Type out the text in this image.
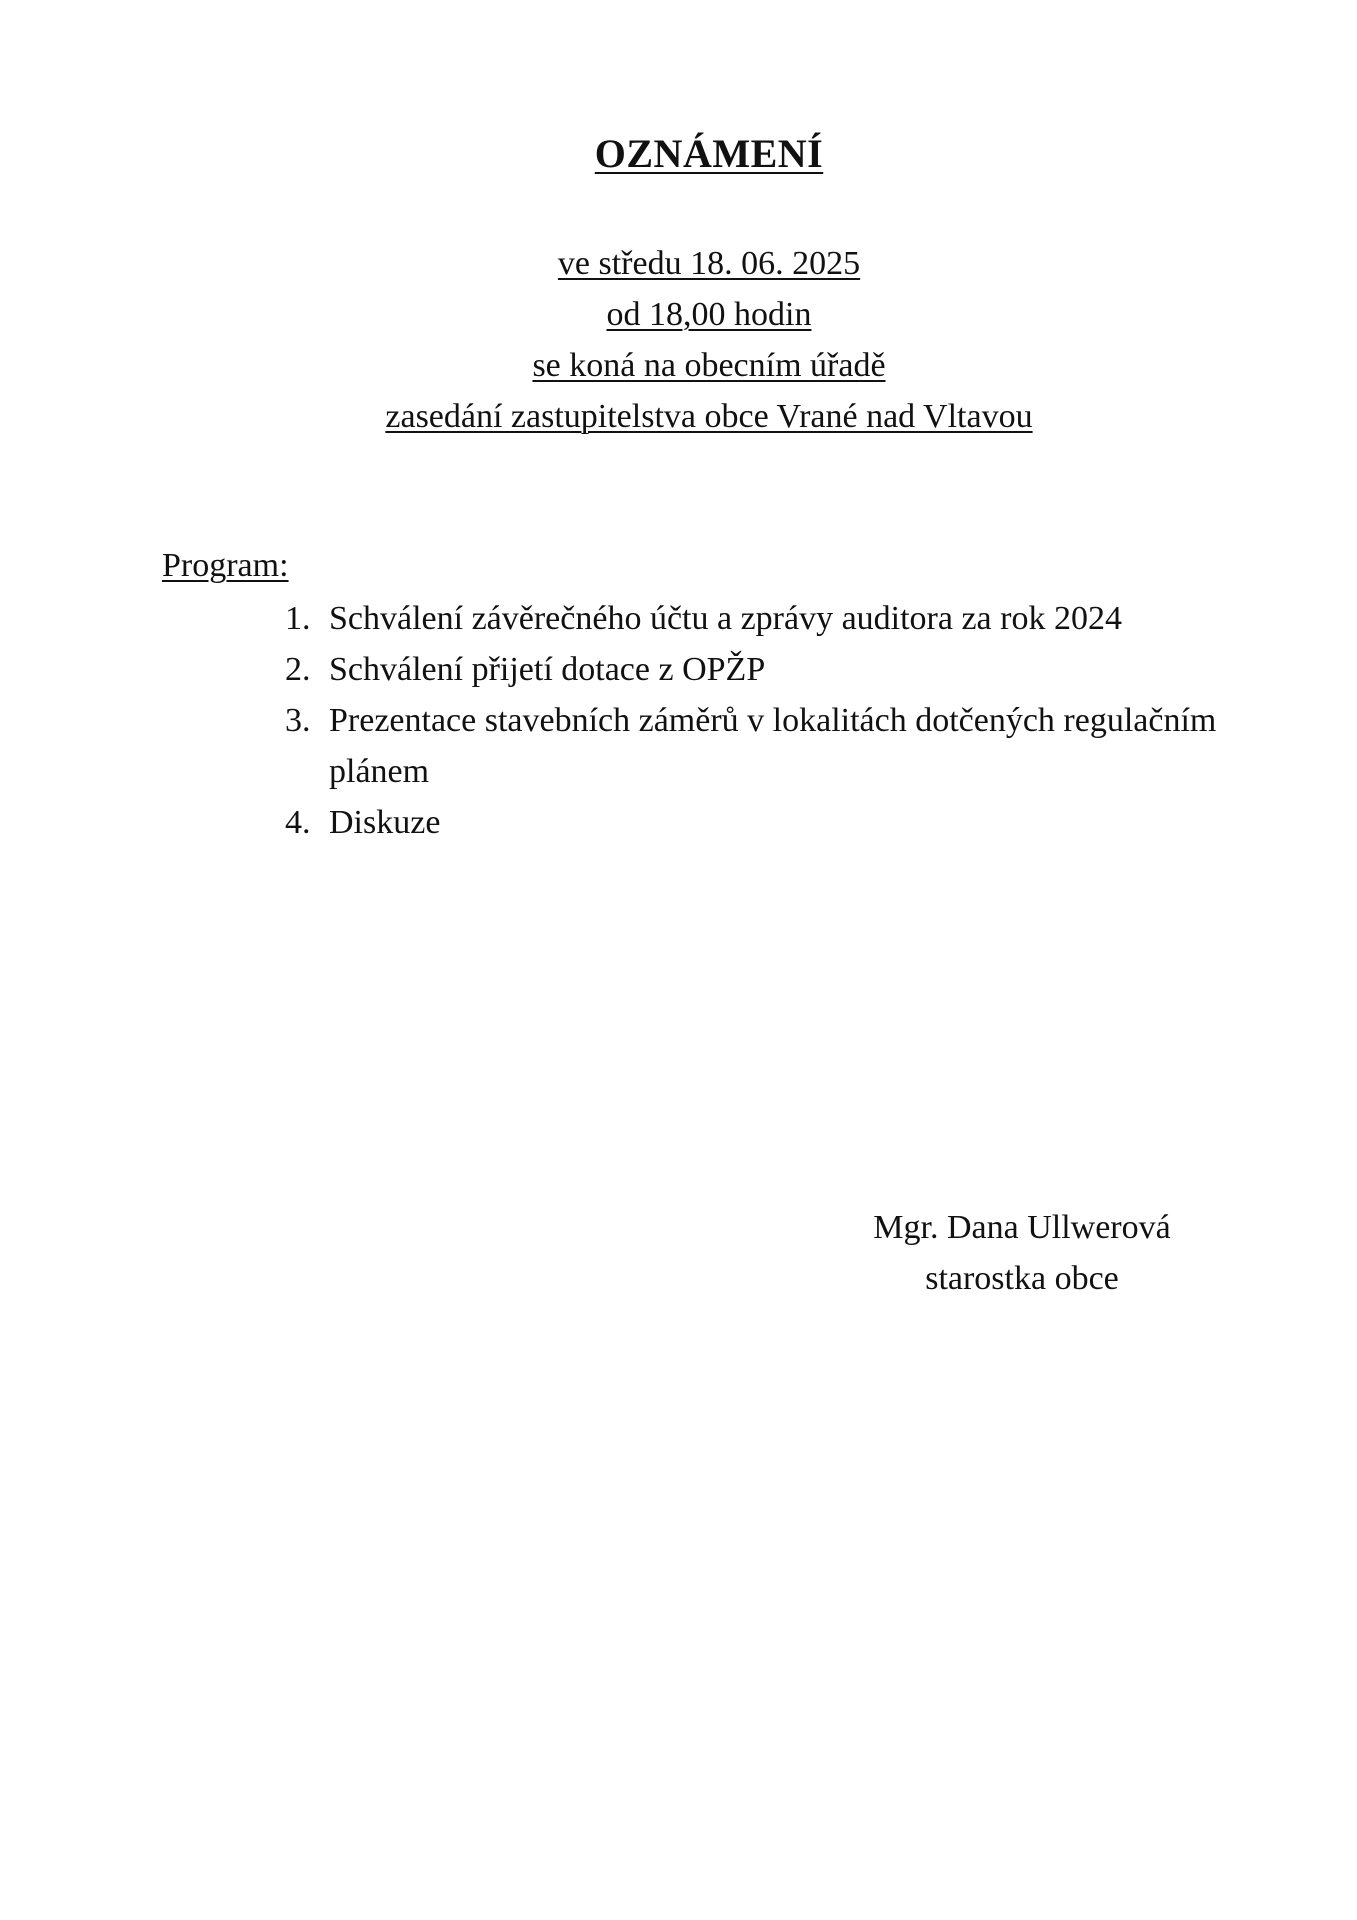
OZNÁMENÍ
ve středu 18. 06. 2025
od 18,00 hodin
se koná na obecním úřadě
zasedání zastupitelstva obce Vrané nad Vltavou
Program:
1. Schválení závěrečného účtu a zprávy auditora za rok 2024
2. Schválení přijetí dotace z OPŽP
3. Prezentace stavebních záměrů v lokalitách dotčených regulačním plánem
4. Diskuze
Mgr. Dana Ullwerová
starostka obce
